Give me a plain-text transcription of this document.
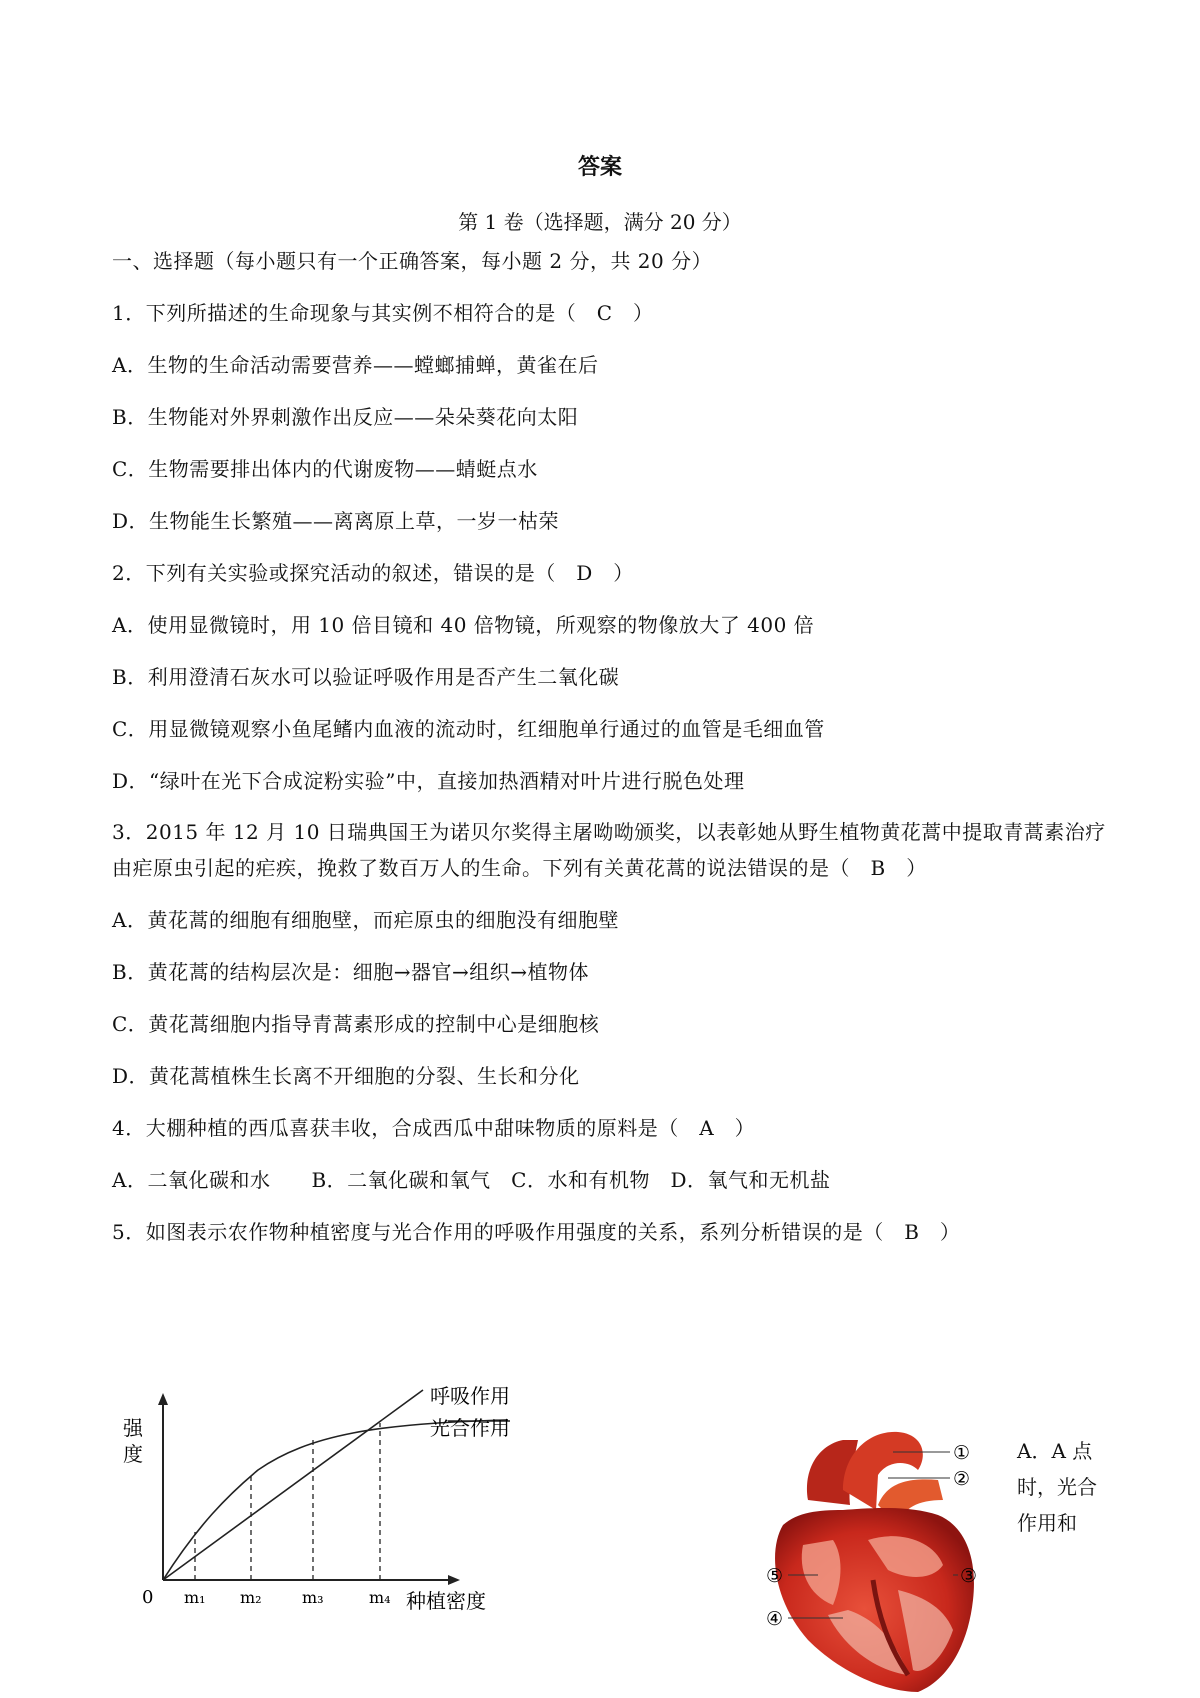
答案
第 1 卷（选择题，满分 20 分）
一、选择题（每小题只有一个正确答案，每小题 2 分，共 20 分）
1．下列所描述的生命现象与其实例不相符合的是（　C　）
A．生物的生命活动需要营养——螳螂捕蝉，黄雀在后
B．生物能对外界刺激作出反应——朵朵葵花向太阳
C．生物需要排出体内的代谢废物——蜻蜓点水
D．生物能生长繁殖——离离原上草，一岁一枯荣
2．下列有关实验或探究活动的叙述，错误的是（　D　）
A．使用显微镜时，用 10 倍目镜和 40 倍物镜，所观察的物像放大了 400 倍
B．利用澄清石灰水可以验证呼吸作用是否产生二氧化碳
C．用显微镜观察小鱼尾鳍内血液的流动时，红细胞单行通过的血管是毛细血管
D．“绿叶在光下合成淀粉实验”中，直接加热酒精对叶片进行脱色处理
3．2015 年 12 月 10 日瑞典国王为诺贝尔奖得主屠呦呦颁奖，以表彰她从野生植物黄花蒿中提取青蒿素治疗
由疟原虫引起的疟疾，挽救了数百万人的生命。下列有关黄花蒿的说法错误的是（　B　）
A．黄花蒿的细胞有细胞壁，而疟原虫的细胞没有细胞壁
B．黄花蒿的结构层次是：细胞→器官→组织→植物体
C．黄花蒿细胞内指导青蒿素形成的控制中心是细胞核
D．黄花蒿植株生长离不开细胞的分裂、生长和分化
4．大棚种植的西瓜喜获丰收，合成西瓜中甜味物质的原料是（　A　）
A．二氧化碳和水　　B．二氧化碳和氧气　C．水和有机物　D．氧气和无机盐
5．如图表示农作物种植密度与光合作用的呼吸作用强度的关系，系列分析错误的是（　B　）
强
度
呼吸作用
光合作用
0 m₁ m₂	m₃	m₄ 种植密度
①
②
③
④
⑤
A．A 点
时，光合
作用和
